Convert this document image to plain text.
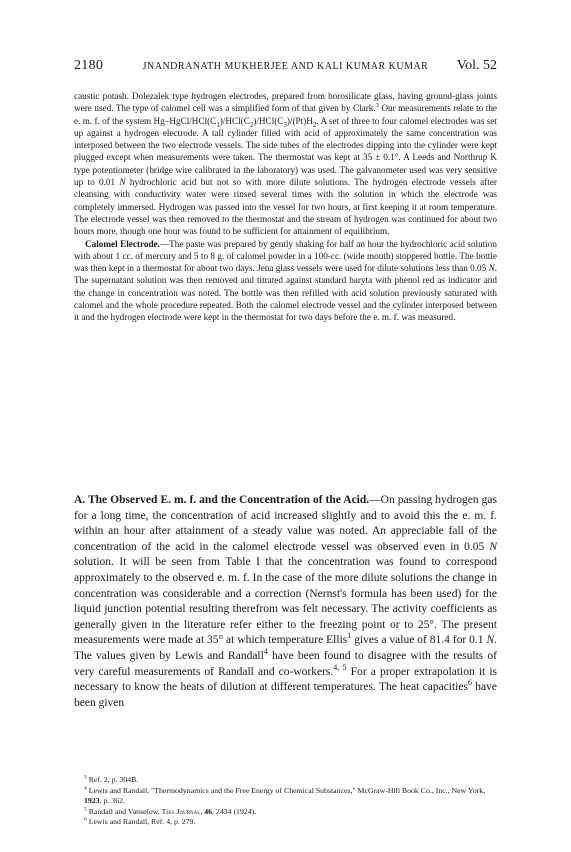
2180	JNANDRANATH MUKHERJEE AND KALI KUMAR KUMAR	Vol. 52

caustic potash. Dolezalek type hydrogen electrodes, prepared from borosilicate glass, having ground-glass joints were used. The type of calomel cell was a simplified form of that given by Clark.$^3$ Our measurements relate to the e. m. f. of the system $Hg-HgCl/HCl(C_1)/HCl(C_2)/HCl(C_3)/(Pt)H_2$. A set of three to four calomel electrodes was set up against a hydrogen electrode. A tall cylinder filled with acid of approximately the same concentration was interposed between the two electrode vessels. The side tubes of the electrodes dipping into the cylinder were kept plugged except when measurements were taken. The thermostat was kept at 35 ± 0.1°. A Leeds and Northrup K type potentiometer (bridge wire calibrated in the laboratory) was used. The galvanometer used was very sensitive up to 0.01 N hydrochloric acid but not so with more dilute solutions. The hydrogen electrode vessels after cleansing with conductivity water were rinsed several times with the solution in which the electrode was completely immersed. Hydrogen was passed into the vessel for two hours, at first keeping it at room temperature. The electrode vessel was then removed to the thermostat and the stream of hydrogen was continued for about two hours more, though one hour was found to be sufficient for attainment of equilibrium.

Calomel Electrode.—The paste was prepared by gently shaking for half an hour the hydrochloric acid solution with about 1 cc. of mercury and 5 to 8 g. of calomel powder in a 100-cc. (wide mouth) stoppered bottle. The bottle was then kept in a thermostat for about two days. Jena glass vessels were used for dilute solutions less than 0.05 N. The supernatant solution was then removed and titrated against standard baryta with phenol red as indicator and the change in concentration was noted. The bottle was then refilled with acid solution previously saturated with calomel and the whole procedure repeated. Both the calomel electrode vessel and the cylinder interposed between it and the hydrogen electrode were kept in the thermostat for two days before the e. m. f. was measured.

A. The Observed E. m. f. and the Concentration of the Acid.—On passing hydrogen gas for a long time, the concentration of acid increased slightly and to avoid this the e. m. f. within an hour after attainment of a steady value was noted. An appreciable fall of the concentration of the acid in the calomel electrode vessel was observed even in 0.05 N solution. It will be seen from Table I that the concentration was found to correspond approximately to the observed e. m. f. In the case of the more dilute solutions the change in concentration was considerable and a correction (Nernst's formula has been used) for the liquid junction potential resulting therefrom was felt necessary. The activity coefficients as generally given in the literature refer either to the freezing point or to 25°. The present measurements were made at 35° at which temperature Ellis$^1$ gives a value of 81.4 for 0.1 N. The values given by Lewis and Randall$^4$ have been found to disagree with the results of very careful measurements of Randall and co-workers.$^{4, 5}$ For a proper extrapolation it is necessary to know the heats of dilution at different temperatures. The heat capacities$^6$ have been given

$^3$ Ref. 2, p. 304B.

$^4$ Lewis and Randall, "Thermodynamics and the Free Energy of Chemical Substances," McGraw-Hill Book Co., Inc., New York, 1923, p. 362.

$^5$ Randall and Vanselow, This Journal, 46, 2434 (1924).

$^6$ Lewis and Randall, Ref. 4, p. 279.
